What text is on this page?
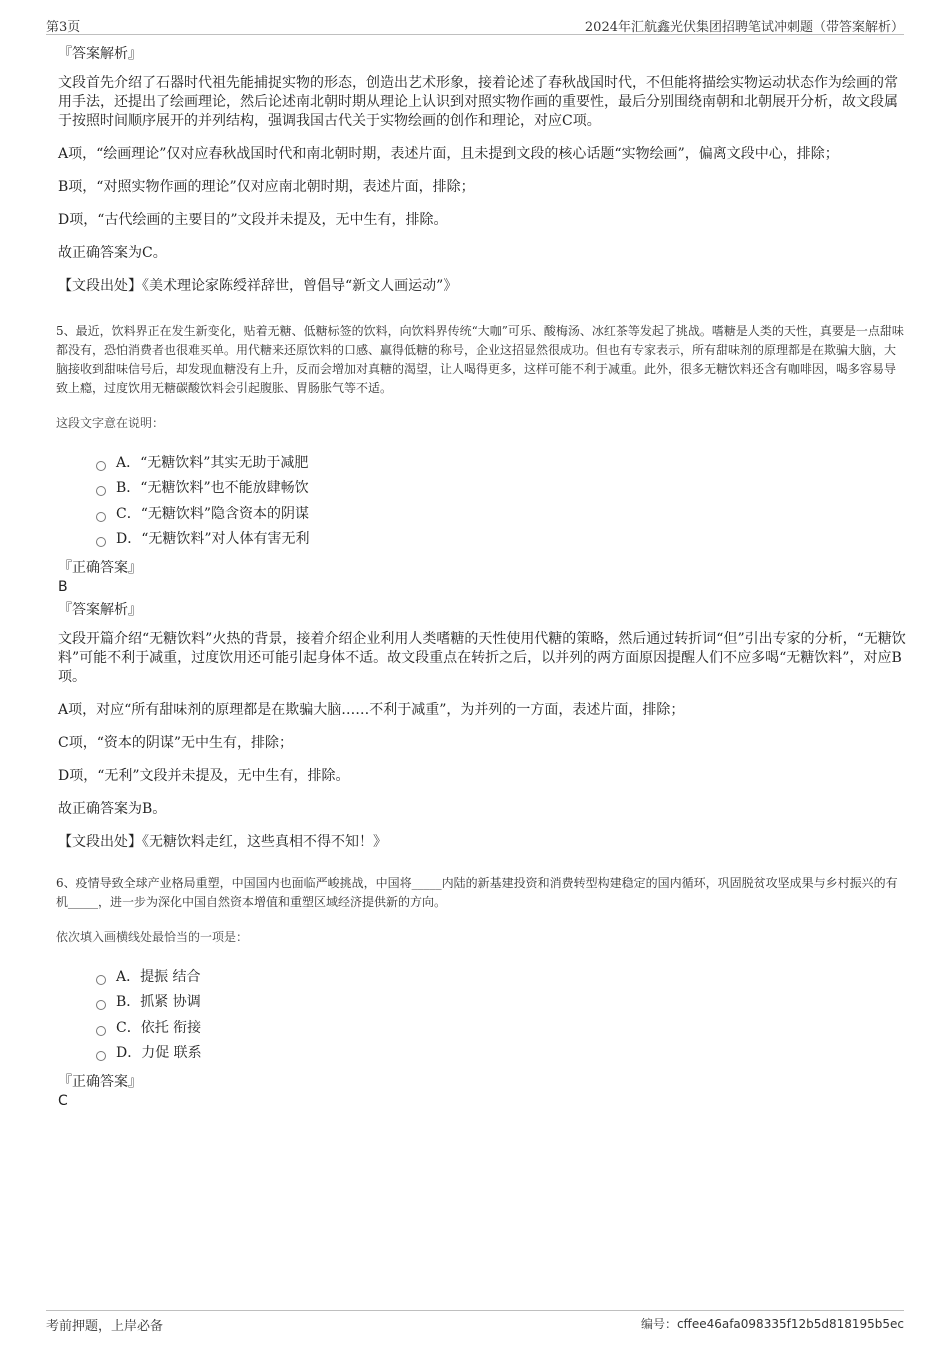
第3页	2024年汇航鑫光伏集团招聘笔试冲刺题（带答案解析）
『答案解析』

文段首先介绍了石器时代祖先能捕捉实物的形态，创造出艺术形象，接着论述了春秋战国时代，不但能将描绘实物运动状态作为绘画的常用手法，还提出了绘画理论，然后论述南北朝时期从理论上认识到对照实物作画的重要性，最后分别围绕南朝和北朝展开分析，故文段属于按照时间顺序展开的并列结构，强调我国古代关于实物绘画的创作和理论，对应C项。

A项，“绘画理论”仅对应春秋战国时代和南北朝时期，表述片面，且未提到文段的核心话题“实物绘画”，偏离文段中心，排除；

B项，“对照实物作画的理论”仅对应南北朝时期，表述片面，排除；

D项，“古代绘画的主要目的”文段并未提及，无中生有，排除。

故正确答案为C。

【文段出处】《美术理论家陈绶祥辞世，曾倡导“新文人画运动”》

5、最近，饮料界正在发生新变化，贴着无糖、低糖标签的饮料，向饮料界传统“大咖”可乐、酸梅汤、冰红茶等发起了挑战。嗜糖是人类的天性，真要是一点甜味都没有，恐怕消费者也很难买单。用代糖来还原饮料的口感、赢得低糖的称号，企业这招显然很成功。但也有专家表示，所有甜味剂的原理都是在欺骗大脑，大脑接收到甜味信号后，却发现血糖没有上升，反而会增加对真糖的渴望，让人喝得更多，这样可能不利于减重。此外，很多无糖饮料还含有咖啡因，喝多容易导致上瘾，过度饮用无糖碳酸饮料会引起腹胀、胃肠胀气等不适。

这段文字意在说明：

A．“无糖饮料”其实无助于减肥
B．“无糖饮料”也不能放肆畅饮
C．“无糖饮料”隐含资本的阴谋
D．“无糖饮料”对人体有害无利
『正确答案』
B
『答案解析』

文段开篇介绍“无糖饮料”火热的背景，接着介绍企业利用人类嗜糖的天性使用代糖的策略，然后通过转折词“但”引出专家的分析，“无糖饮料”可能不利于减重，过度饮用还可能引起身体不适。故文段重点在转折之后，以并列的两方面原因提醒人们不应多喝“无糖饮料”，对应B项。

A项，对应“所有甜味剂的原理都是在欺骗大脑……不利于减重”，为并列的一方面，表述片面，排除；

C项，“资本的阴谋”无中生有，排除；

D项，“无利”文段并未提及，无中生有，排除。

故正确答案为B。

【文段出处】《无糖饮料走红，这些真相不得不知！》

6、疫情导致全球产业格局重塑，中国国内也面临严峻挑战，中国将_____内陆的新基建投资和消费转型构建稳定的国内循环，巩固脱贫攻坚成果与乡村振兴的有机_____，进一步为深化中国自然资本增值和重塑区域经济提供新的方向。

依次填入画横线处最恰当的一项是：

A．提振 结合
B．抓紧 协调
C．依托 衔接
D．力促 联系
『正确答案』
C
考前押题，上岸必备	编号：cffee46afa098335f12b5d818195b5ec
